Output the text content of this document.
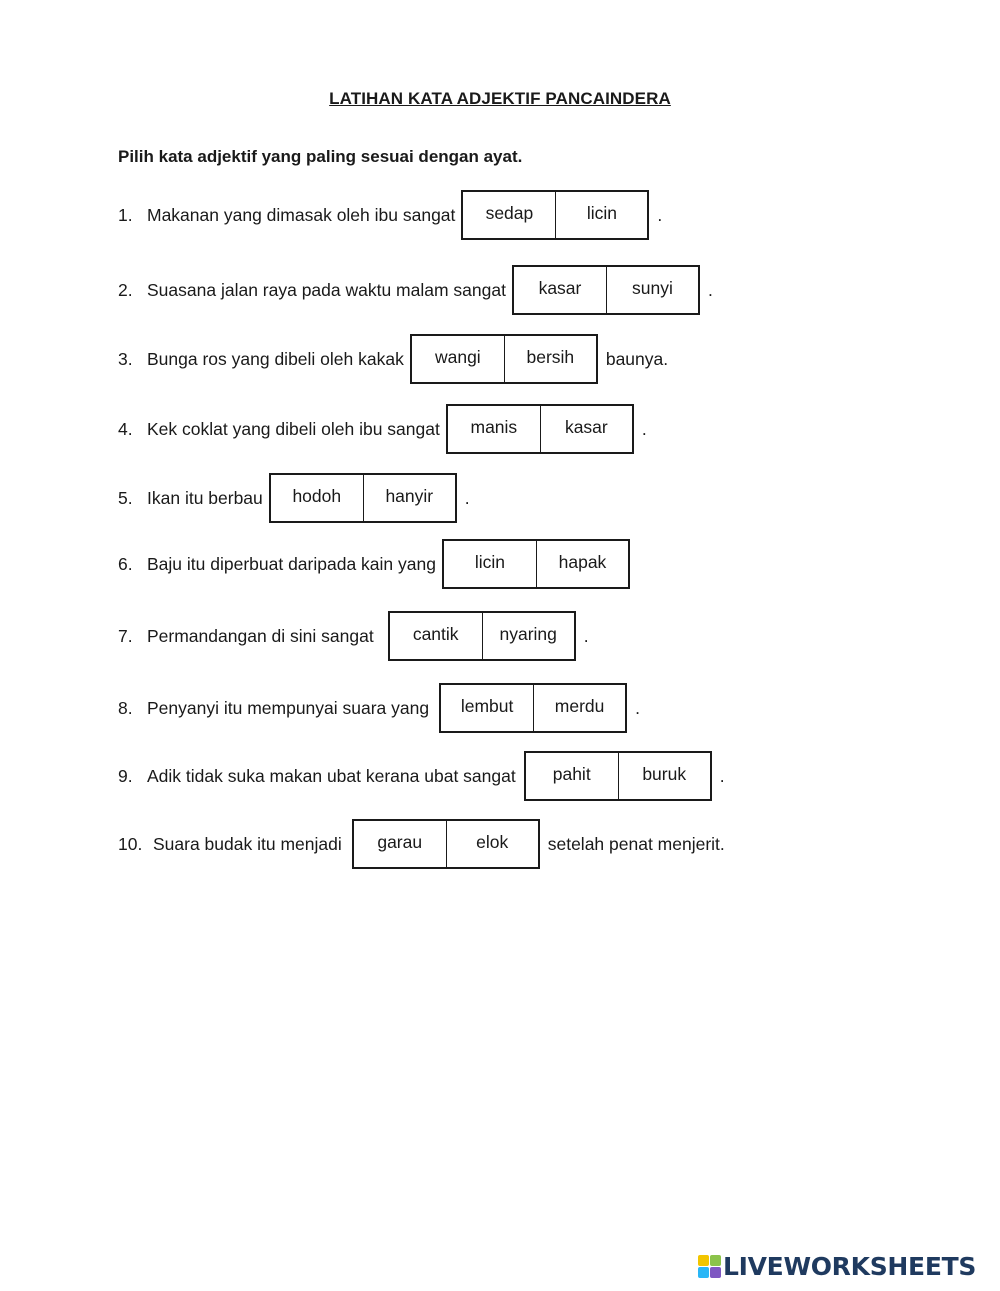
LATIHAN KATA ADJEKTIF PANCAINDERA
Pilih kata adjektif yang paling sesuai dengan ayat.
1. Makanan yang dimasak oleh ibu sangat	sedap	licin	.
2. Suasana jalan raya pada waktu malam sangat	kasar	sunyi	.
3. Bunga ros yang dibeli oleh kakak	wangi	bersih	baunya.
4. Kek coklat yang dibeli oleh ibu sangat	manis	kasar	.
5. Ikan itu berbau	hodoh	hanyir	.
6. Baju itu diperbuat daripada kain yang	licin	hapak
7. Permandangan di sini sangat	cantik	nyaring	.
8. Penyanyi itu mempunyai suara yang	lembut	merdu	.
9. Adik tidak suka makan ubat kerana ubat sangat	pahit	buruk	.
10. Suara budak itu menjadi	garau	elok	setelah penat menjerit.
LIVEWORKSHEETS
